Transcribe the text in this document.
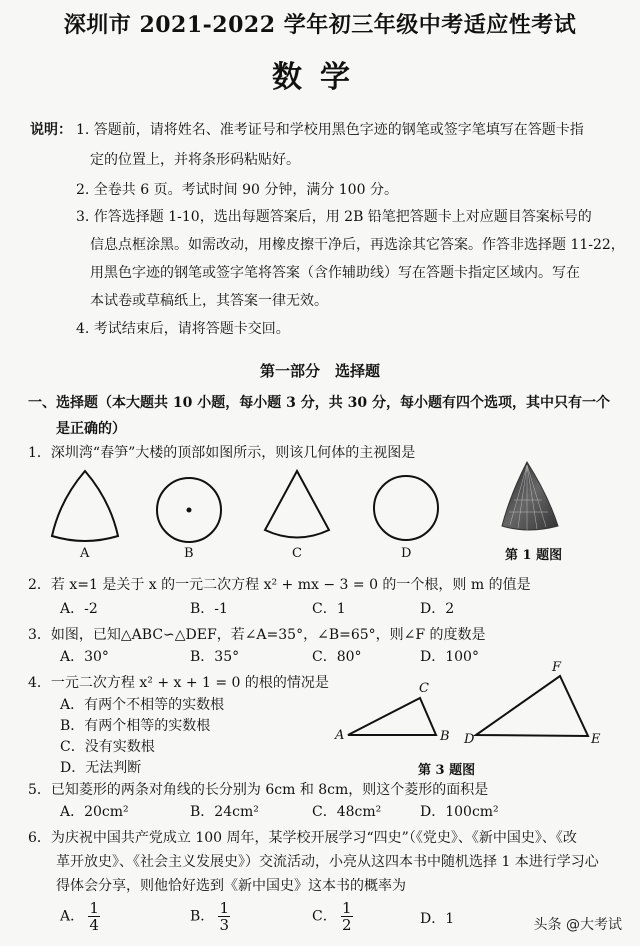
深圳市 2021-2022 学年初三年级中考适应性考试
数学
说明： 1. 答题前，请将姓名、准考证号和学校用黑色字迹的钢笔或签字笔填写在答题卡指
定的位置上，并将条形码粘贴好。
2. 全卷共 6 页。考试时间 90 分钟，满分 100 分。
3. 作答选择题 1-10，选出每题答案后，用 2B 铅笔把答题卡上对应题目答案标号的
信息点框涂黑。如需改动，用橡皮擦干净后，再选涂其它答案。作答非选择题 11-22，
用黑色字迹的钢笔或签字笔将答案（含作辅助线）写在答题卡指定区域内。写在
本试卷或草稿纸上，其答案一律无效。
4. 考试结束后，请将答题卡交回。
第一部分　选择题
一、选择题（本大题共 10 小题，每小题 3 分，共 30 分，每小题有四个选项，其中只有一个
是正确的）
1．深圳湾“春笋”大楼的顶部如图所示，则该几何体的主视图是
A	B	C	D	第 1 题图
2．若 x=1 是关于 x 的一元二次方程 x² + mx − 3 = 0 的一个根，则 m 的值是
A．-2	B．-1	C．1	D．2
3．如图，已知△ABC∽△DEF，若∠A=35°，∠B=65°，则∠F 的度数是
A．30°	B．35°	C．80°	D．100°
4．一元二次方程 x² + x + 1 = 0 的根的情况是
A．有两个不相等的实数根
B．有两个相等的实数根
C．没有实数根
D．无法判断
A	B
C
D	E
F
第 3 题图
5．已知菱形的两条对角线的长分别为 6cm 和 8cm，则这个菱形的面积是
A．20cm²	B．24cm²	C．48cm²	D．100cm²
6．为庆祝中国共产党成立 100 周年，某学校开展学习“四史”（《党史》、《新中国史》、《改
革开放史》、《社会主义发展史》）交流活动，小亮从这四本书中随机选择 1 本进行学习心
得体会分享，则他恰好选到《新中国史》这本书的概率为
A． $\frac{1}{4}$	B． $\frac{1}{3}$	C． $\frac{1}{2}$	D．1	头条 @大考试
